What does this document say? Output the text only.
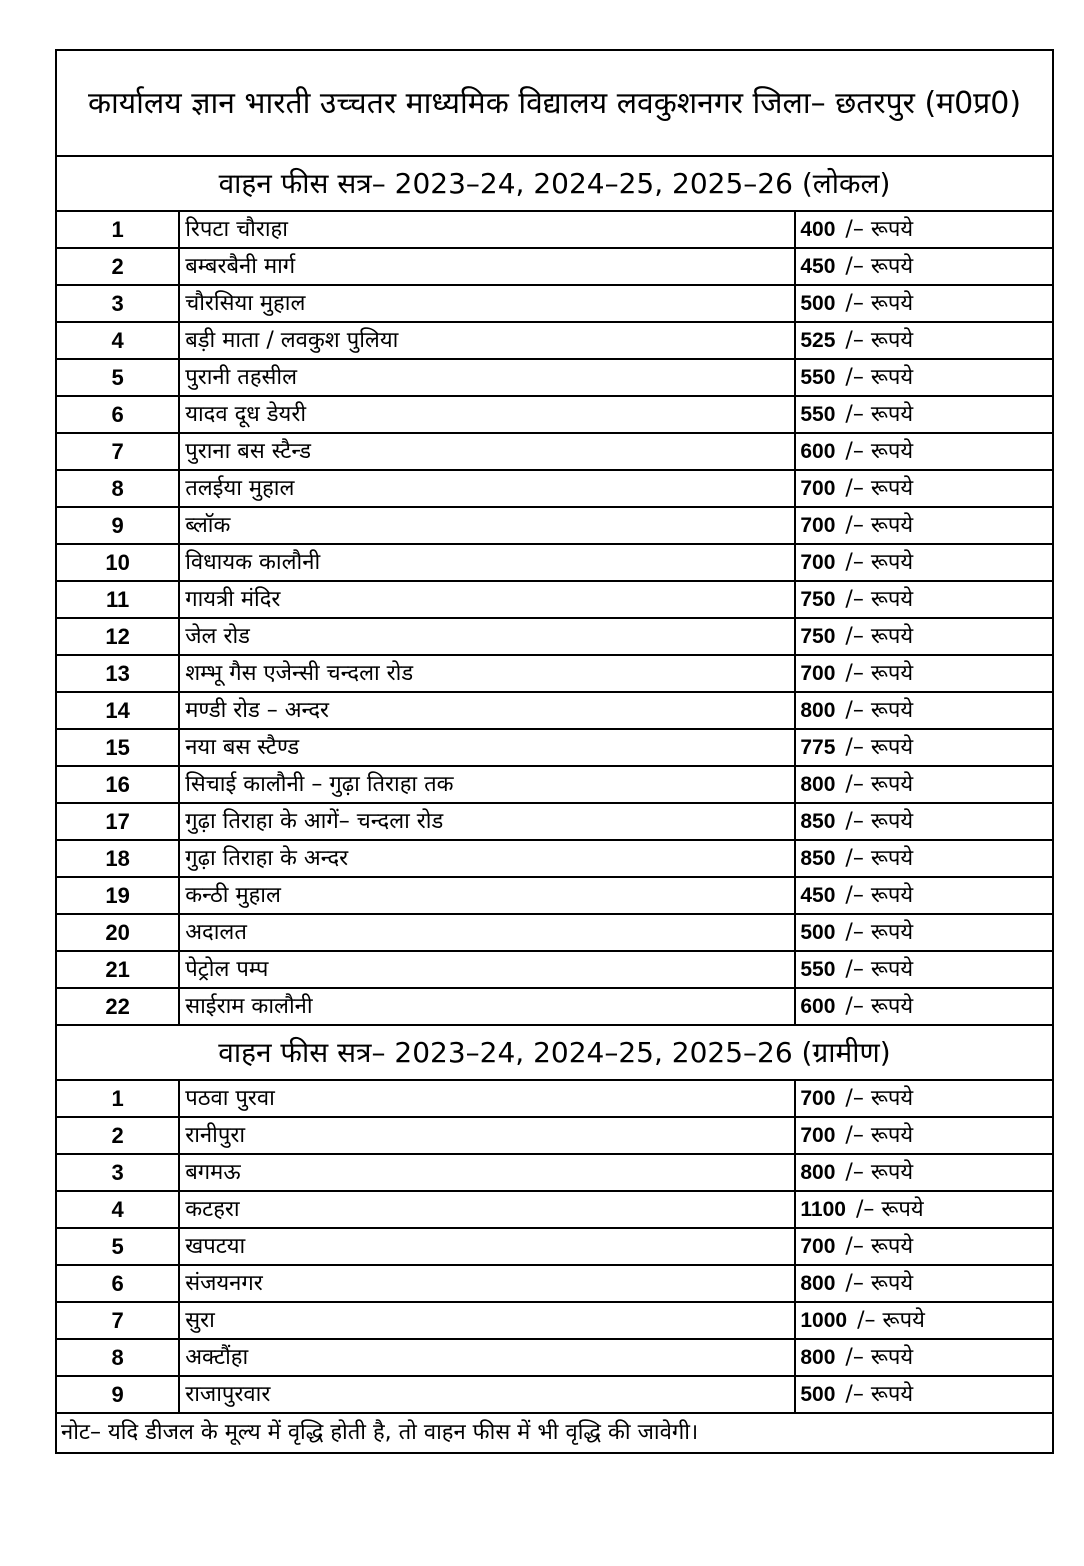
कार्यालय ज्ञान भारती उच्चतर माध्यमिक विद्यालय लवकुशनगर जिला– छतरपुर (म0प्र0)		
वाहन फीस सत्र– 2023–24, 2024–25, 2025–26 (लोकल)		
1	रिपटा चौराहा	400 /– रूपये
2	बम्बरबैनी मार्ग	450 /– रूपये
3	चौरसिया मुहाल	500 /– रूपये
4	बड़ी माता / लवकुश पुलिया	525 /– रूपये
5	पुरानी तहसील	550 /– रूपये
6	यादव दूध डेयरी	550 /– रूपये
7	पुराना बस स्टैन्ड	600 /– रूपये
8	तलईया मुहाल	700 /– रूपये
9	ब्लॉक	700 /– रूपये
10	विधायक कालौनी	700 /– रूपये
11	गायत्री मंदिर	750 /– रूपये
12	जेल रोड	750 /– रूपये
13	शम्भू गैस एजेन्सी चन्दला रोड	700 /– रूपये
14	मण्डी रोड – अन्दर	800 /– रूपये
15	नया बस स्टैण्ड	775 /– रूपये
16	सिचाई कालौनी – गुढ़ा तिराहा तक	800 /– रूपये
17	गुढ़ा तिराहा के आगें– चन्दला रोड	850 /– रूपये
18	गुढ़ा तिराहा के अन्दर	850 /– रूपये
19	कन्ठी मुहाल	450 /– रूपये
20	अदालत	500 /– रूपये
21	पेट्रोल पम्प	550 /– रूपये
22	साईराम कालौनी	600 /– रूपये
वाहन फीस सत्र– 2023–24, 2024–25, 2025–26 (ग्रामीण)		
1	पठवा पुरवा	700 /– रूपये
2	रानीपुरा	700 /– रूपये
3	बगमऊ	800 /– रूपये
4	कटहरा	1100 /– रूपये
5	खपटया	700 /– रूपये
6	संजयनगर	800 /– रूपये
7	सुरा	1000 /– रूपये
8	अक्टौंहा	800 /– रूपये
9	राजापुरवार	500 /– रूपये
नोट– यदि डीजल के मूल्य में वृद्धि होती है, तो वाहन फीस में भी वृद्धि की जावेगी।		
